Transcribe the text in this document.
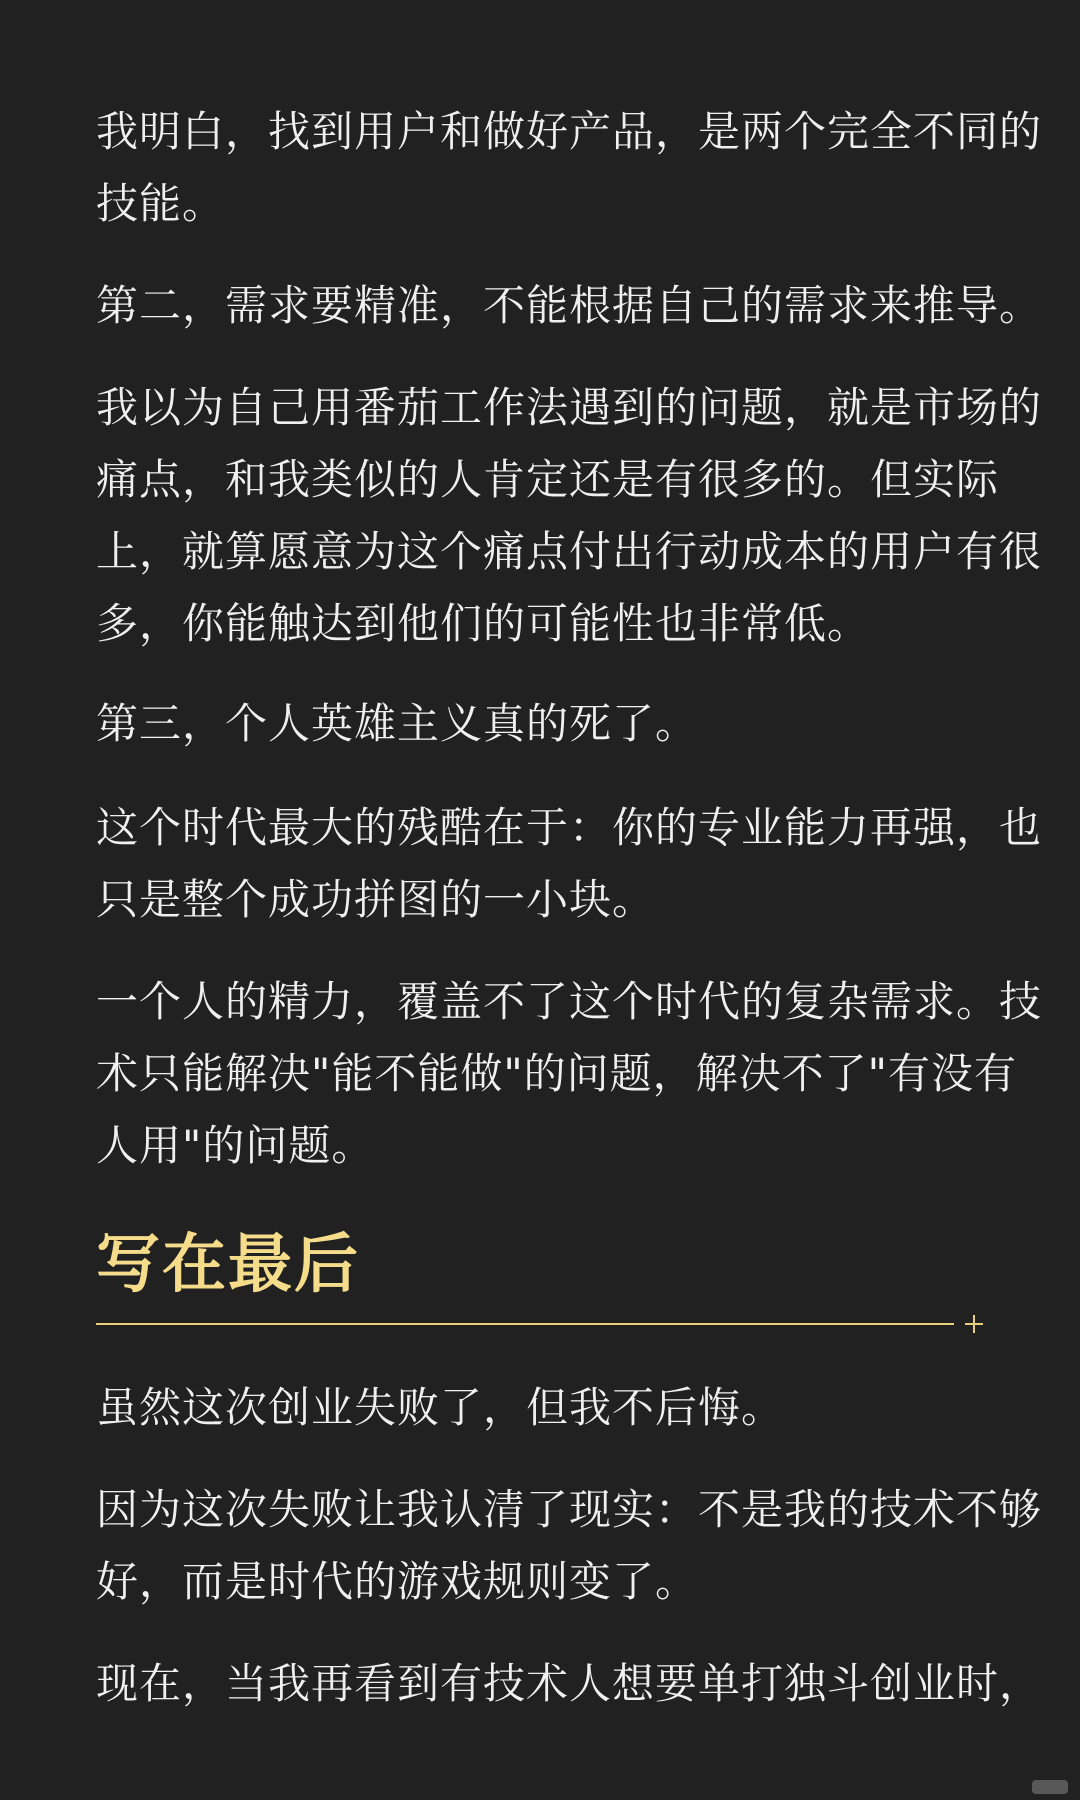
我明白，找到用户和做好产品，是两个完全不同的
技能。

第二，需求要精准，不能根据自己的需求来推导。

我以为自己用番茄工作法遇到的问题，就是市场的
痛点，和我类似的人肯定还是有很多的。但实际
上，就算愿意为这个痛点付出行动成本的用户有很
多，你能触达到他们的可能性也非常低。

第三，个人英雄主义真的死了。

这个时代最大的残酷在于：你的专业能力再强，也
只是整个成功拼图的一小块。

一个人的精力，覆盖不了这个时代的复杂需求。技
术只能解决"能不能做"的问题，解决不了"有没有
人用"的问题。

写在最后

虽然这次创业失败了，但我不后悔。

因为这次失败让我认清了现实：不是我的技术不够
好，而是时代的游戏规则变了。

现在，当我再看到有技术人想要单打独斗创业时，
